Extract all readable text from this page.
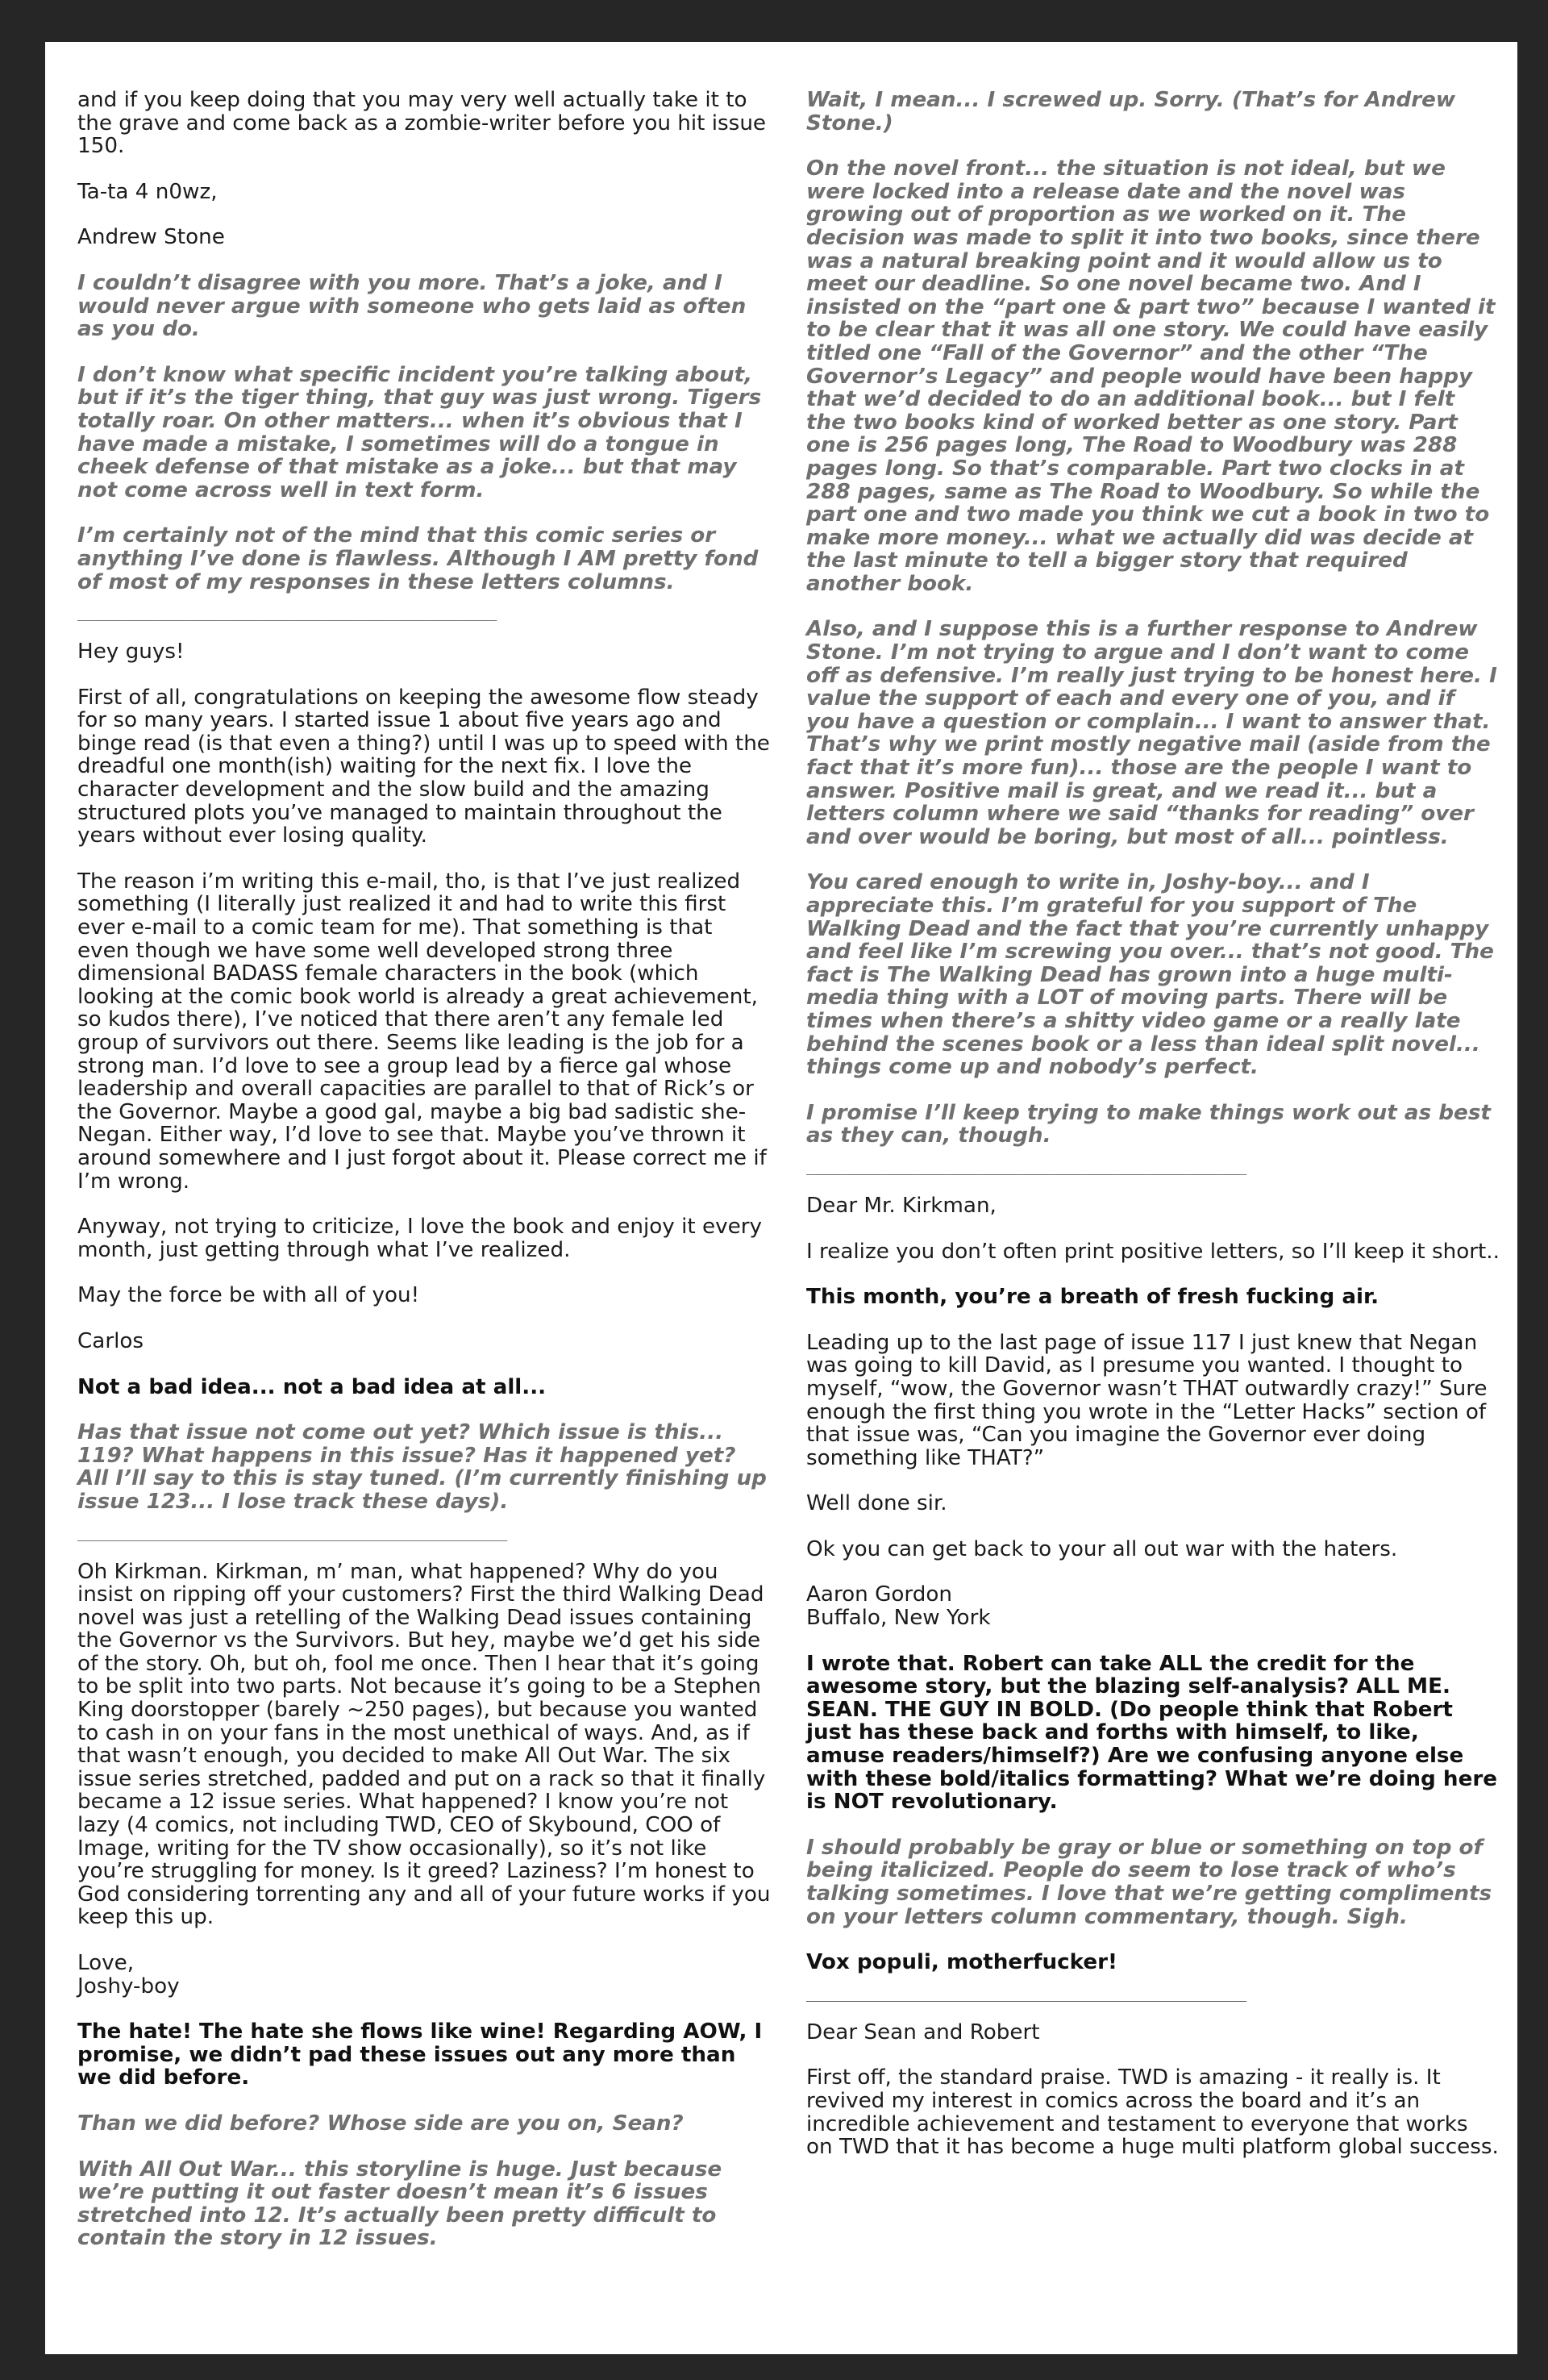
and if you keep doing that you may very well actually take it to the grave and come back as a zombie-writer before you hit issue 150.

Ta-ta 4 n0wz,

Andrew Stone

I couldn’t disagree with you more. That’s a joke, and I would never argue with someone who gets laid as often as you do.

I don’t know what specific incident you’re talking about, but if it’s the tiger thing, that guy was just wrong. Tigers totally roar. On other matters... when it’s obvious that I have made a mistake, I sometimes will do a tongue in cheek defense of that mistake as a joke... but that may not come across well in text form.

I’m certainly not of the mind that this comic series or anything I’ve done is flawless. Although I AM pretty fond of most of my responses in these letters columns.

________________________________________

Hey guys!

First of all, congratulations on keeping the awesome flow steady for so many years. I started issue 1 about five years ago and binge read (is that even a thing?) until I was up to speed with the dreadful one month(ish) waiting for the next fix. I love the character development and the slow build and the amazing structured plots you’ve managed to maintain throughout the years without ever losing quality.

The reason i’m writing this e-mail, tho, is that I’ve just realized something (I literally just realized it and had to write this first ever e-mail to a comic team for me). That something is that even though we have some well developed strong three dimensional BADASS female characters in the book (which looking at the comic book world is already a great achievement, so kudos there), I’ve noticed that there aren’t any female led group of survivors out there. Seems like leading is the job for a strong man. I’d love to see a group lead by a fierce gal whose leadership and overall capacities are parallel to that of Rick’s or the Governor. Maybe a good gal, maybe a big bad sadistic she-Negan. Either way, I’d love to see that. Maybe you’ve thrown it around somewhere and I just forgot about it. Please correct me if I’m wrong.

Anyway, not trying to criticize, I love the book and enjoy it every month, just getting through what I’ve realized.

May the force be with all of you!

Carlos

Not a bad idea... not a bad idea at all...

Has that issue not come out yet? Which issue is this... 119? What happens in this issue? Has it happened yet? All I’ll say to this is stay tuned. (I’m currently finishing up issue 123... I lose track these days).

_________________________________________

Oh Kirkman. Kirkman, m’ man, what happened? Why do you insist on ripping off your customers? First the third Walking Dead novel was just a retelling of the Walking Dead issues containing the Governor vs the Survivors. But hey, maybe we’d get his side of the story. Oh, but oh, fool me once. Then I hear that it’s going to be split into two parts. Not because it’s going to be a Stephen King doorstopper (barely ~250 pages), but because you wanted to cash in on your fans in the most unethical of ways. And, as if that wasn’t enough, you decided to make All Out War. The six issue series stretched, padded and put on a rack so that it finally became a 12 issue series. What happened? I know you’re not lazy (4 comics, not including TWD, CEO of Skybound, COO of Image, writing for the TV show occasionally), so it’s not like you’re struggling for money. Is it greed? Laziness? I’m honest to God considering torrenting any and all of your future works if you keep this up.

Love,

Joshy-boy

The hate! The hate she flows like wine! Regarding AOW, I promise, we didn’t pad these issues out any more than we did before.

Than we did before? Whose side are you on, Sean?

With All Out War... this storyline is huge. Just because we’re putting it out faster doesn’t mean it’s 6 issues stretched into 12. It’s actually been pretty difficult to contain the story in 12 issues.

Wait, I mean... I screwed up. Sorry. (That’s for Andrew Stone.)

On the novel front... the situation is not ideal, but we were locked into a release date and the novel was growing out of proportion as we worked on it. The decision was made to split it into two books, since there was a natural breaking point and it would allow us to meet our deadline. So one novel became two. And I insisted on the “part one & part two” because I wanted it to be clear that it was all one story. We could have easily titled one “Fall of the Governor” and the other “The Governor’s Legacy” and people would have been happy that we’d decided to do an additional book... but I felt the two books kind of worked better as one story. Part one is 256 pages long, The Road to Woodbury was 288 pages long. So that’s comparable. Part two clocks in at 288 pages, same as The Road to Woodbury. So while the part one and two made you think we cut a book in two to make more money... what we actually did was decide at the last minute to tell a bigger story that required another book.

Also, and I suppose this is a further response to Andrew Stone. I’m not trying to argue and I don’t want to come off as defensive. I’m really just trying to be honest here. I value the support of each and every one of you, and if you have a question or complain... I want to answer that. That’s why we print mostly negative mail (aside from the fact that it’s more fun)... those are the people I want to answer. Positive mail is great, and we read it... but a letters column where we said “thanks for reading” over and over would be boring, but most of all... pointless.

You cared enough to write in, Joshy-boy... and I appreciate this. I’m grateful for you support of The Walking Dead and the fact that you’re currently unhappy and feel like I’m screwing you over... that’s not good. The fact is The Walking Dead has grown into a huge multi-media thing with a LOT of moving parts. There will be times when there’s a shitty video game or a really late behind the scenes book or a less than ideal split novel... things come up and nobody’s perfect.

I promise I’ll keep trying to make things work out as best as they can, though.

__________________________________________

Dear Mr. Kirkman,

I realize you don’t often print positive letters, so I’ll keep it short..

This month, you’re a breath of fresh fucking air.

Leading up to the last page of issue 117 I just knew that Negan was going to kill David, as I presume you wanted. I thought to myself, “wow, the Governor wasn’t THAT outwardly crazy!” Sure enough the first thing you wrote in the “Letter Hacks” section of that issue was, “Can you imagine the Governor ever doing something like THAT?”

Well done sir.

Ok you can get back to your all out war with the haters.

Aaron Gordon

Buffalo, New York

I wrote that. Robert can take ALL the credit for the awesome story, but the blazing self-analysis? ALL ME. SEAN. THE GUY IN BOLD. (Do people think that Robert just has these back and forths with himself, to like, amuse readers/himself?) Are we confusing anyone else with these bold/italics formatting? What we’re doing here is NOT revolutionary.

I should probably be gray or blue or something on top of being italicized. People do seem to lose track of who’s talking sometimes. I love that we’re getting compliments on your letters column commentary, though. Sigh.

Vox populi, motherfucker!

__________________________________________

Dear Sean and Robert

First off, the standard praise. TWD is amazing - it really is. It revived my interest in comics across the board and it’s an incredible achievement and testament to everyone that works on TWD that it has become a huge multi platform global success.
